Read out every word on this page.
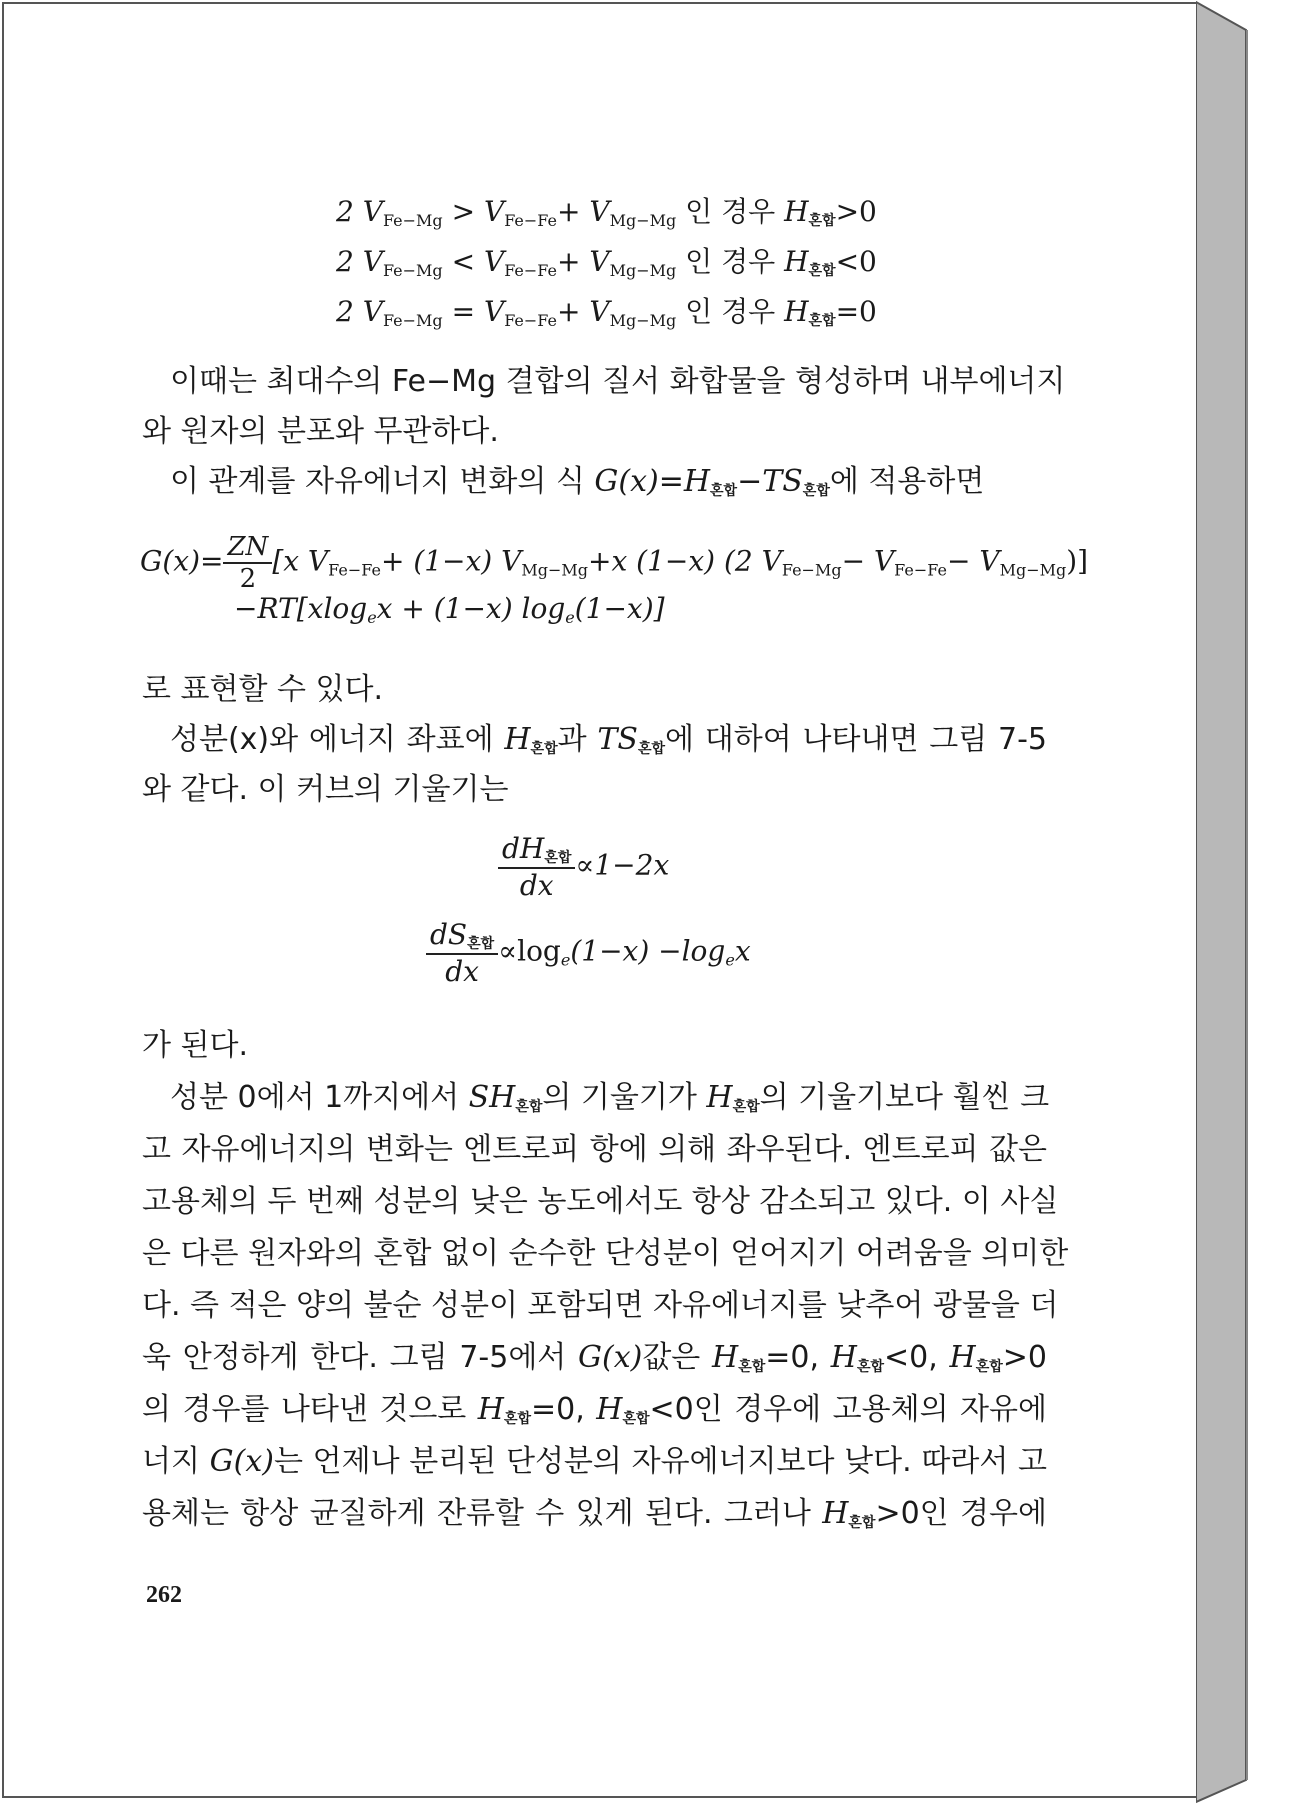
2 $V_{Fe-Mg} > V_{Fe-Fe}+ V_{Mg-Mg}$ 인 경우 H혼합>0
2 $V_{Fe-Mg} < V_{Fe-Fe}+ V_{Mg-Mg}$ 인 경우 H혼합<0
2 $V_{Fe-Mg} = V_{Fe-Fe}+ V_{Mg-Mg}$ 인 경우 H혼합=0
이때는 최대수의 Fe−Mg 결합의 질서 화합물을 형성하며 내부에너지
와 원자의 분포와 무관하다.
이 관계를 자유에너지 변화의 식 G(x)=H혼합−TS혼합에 적용하면
$G(x)= \frac{ZN}{2} [x$ $V_{Fe-Fe}+ (1-x)$ $V_{Mg-Mg}+x$ (1−x) (2 $V_{Fe-Mg}- V_{Fe-Fe}- V_{Mg-Mg}$)]
−RT[xlog$_e$x + (1−x) $\log_e(1-x)$]
로 표현할 수 있다.
성분(x)와 에너지 좌표에 H혼합과 TS혼합에 대하여 나타내면 그림 7-5
와 같다. 이 커브의 기울기는
$\frac{\text{dH혼합}}{dx} \propto 1-2x$
$\frac{\text{dS혼합}}{dx} \propto\log_e(1-x) -\log_ex$
가 된다.
성분 0에서 1까지에서 SH혼합의 기울기가 H혼합의 기울기보다 훨씬 크
고 자유에너지의 변화는 엔트로피 항에 의해 좌우된다. 엔트로피 값은
고용체의 두 번째 성분의 낮은 농도에서도 항상 감소되고 있다. 이 사실
은 다른 원자와의 혼합 없이 순수한 단성분이 얻어지기 어려움을 의미한
다. 즉 적은 양의 불순 성분이 포함되면 자유에너지를 낮추어 광물을 더
욱 안정하게 한다. 그림 7-5에서 G(x)값은 H혼합=0, H혼합<0, H혼합>0
의 경우를 나타낸 것으로 H혼합=0, H혼합<0인 경우에 고용체의 자유에
너지 G(x)는 언제나 분리된 단성분의 자유에너지보다 낮다. 따라서 고
용체는 항상 균질하게 잔류할 수 있게 된다. 그러나 H혼합>0인 경우에
262
